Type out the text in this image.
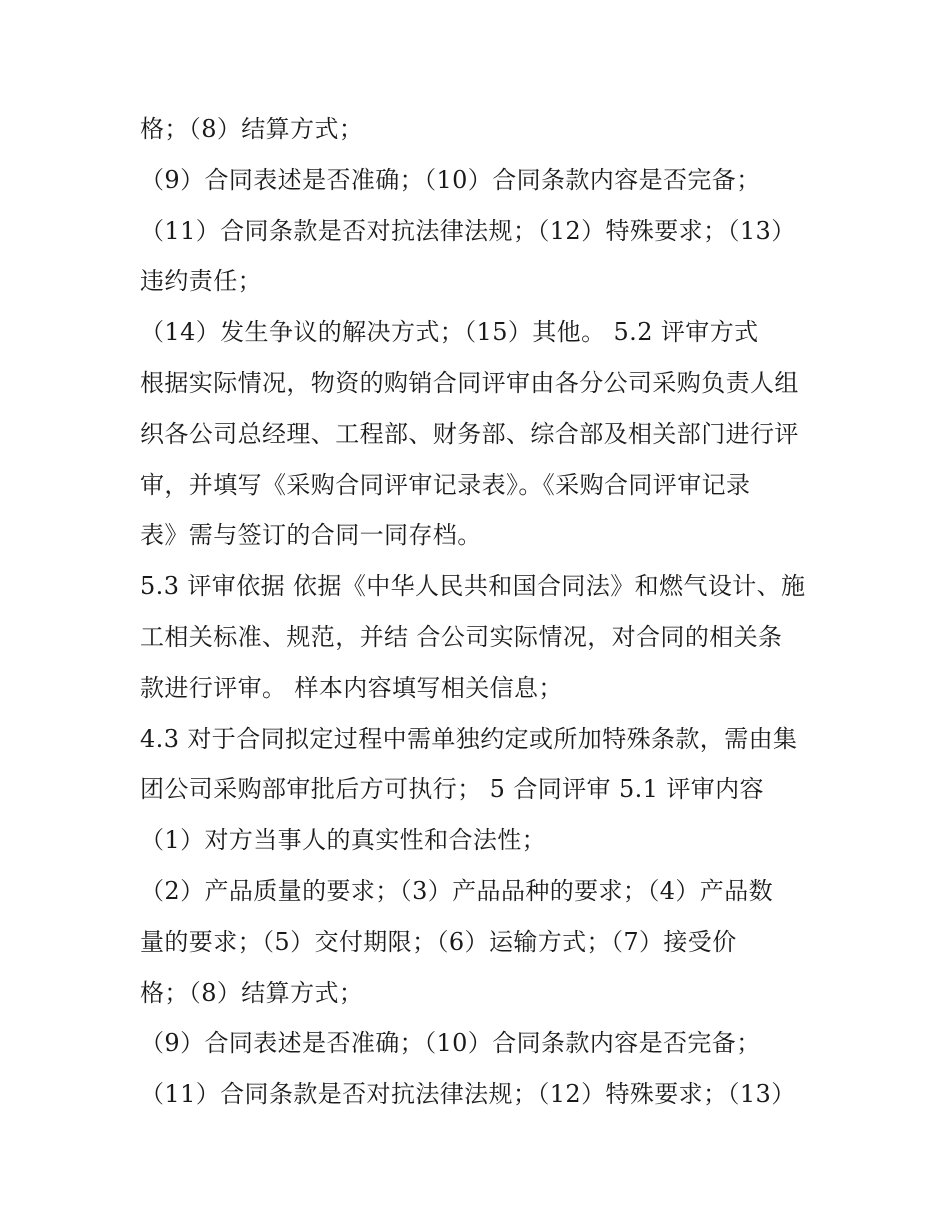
格；（8）结算方式；
（9）合同表述是否准确；（10）合同条款内容是否完备；
（11）合同条款是否对抗法律法规；（12）特殊要求；（13）
违约责任；
（14）发生争议的解决方式；（15）其他。 5.2 评审方式
根据实际情况，物资的购销合同评审由各分公司采购负责人组
织各公司总经理、工程部、财务部、综合部及相关部门进行评
审，并填写《采购合同评审记录表》。《采购合同评审记录
表》需与签订的合同一同存档。
5.3 评审依据 依据《中华人民共和国合同法》和燃气设计、施
工相关标准、规范，并结 合公司实际情况，对合同的相关条
款进行评审。 样本内容填写相关信息；
4.3 对于合同拟定过程中需单独约定或所加特殊条款，需由集
团公司采购部审批后方可执行； 5 合同评审 5.1 评审内容
（1）对方当事人的真实性和合法性；
（2）产品质量的要求；（3）产品品种的要求；（4）产品数
量的要求；（5）交付期限；（6）运输方式；（7）接受价
格；（8）结算方式；
（9）合同表述是否准确；（10）合同条款内容是否完备；
（11）合同条款是否对抗法律法规；（12）特殊要求；（13）
